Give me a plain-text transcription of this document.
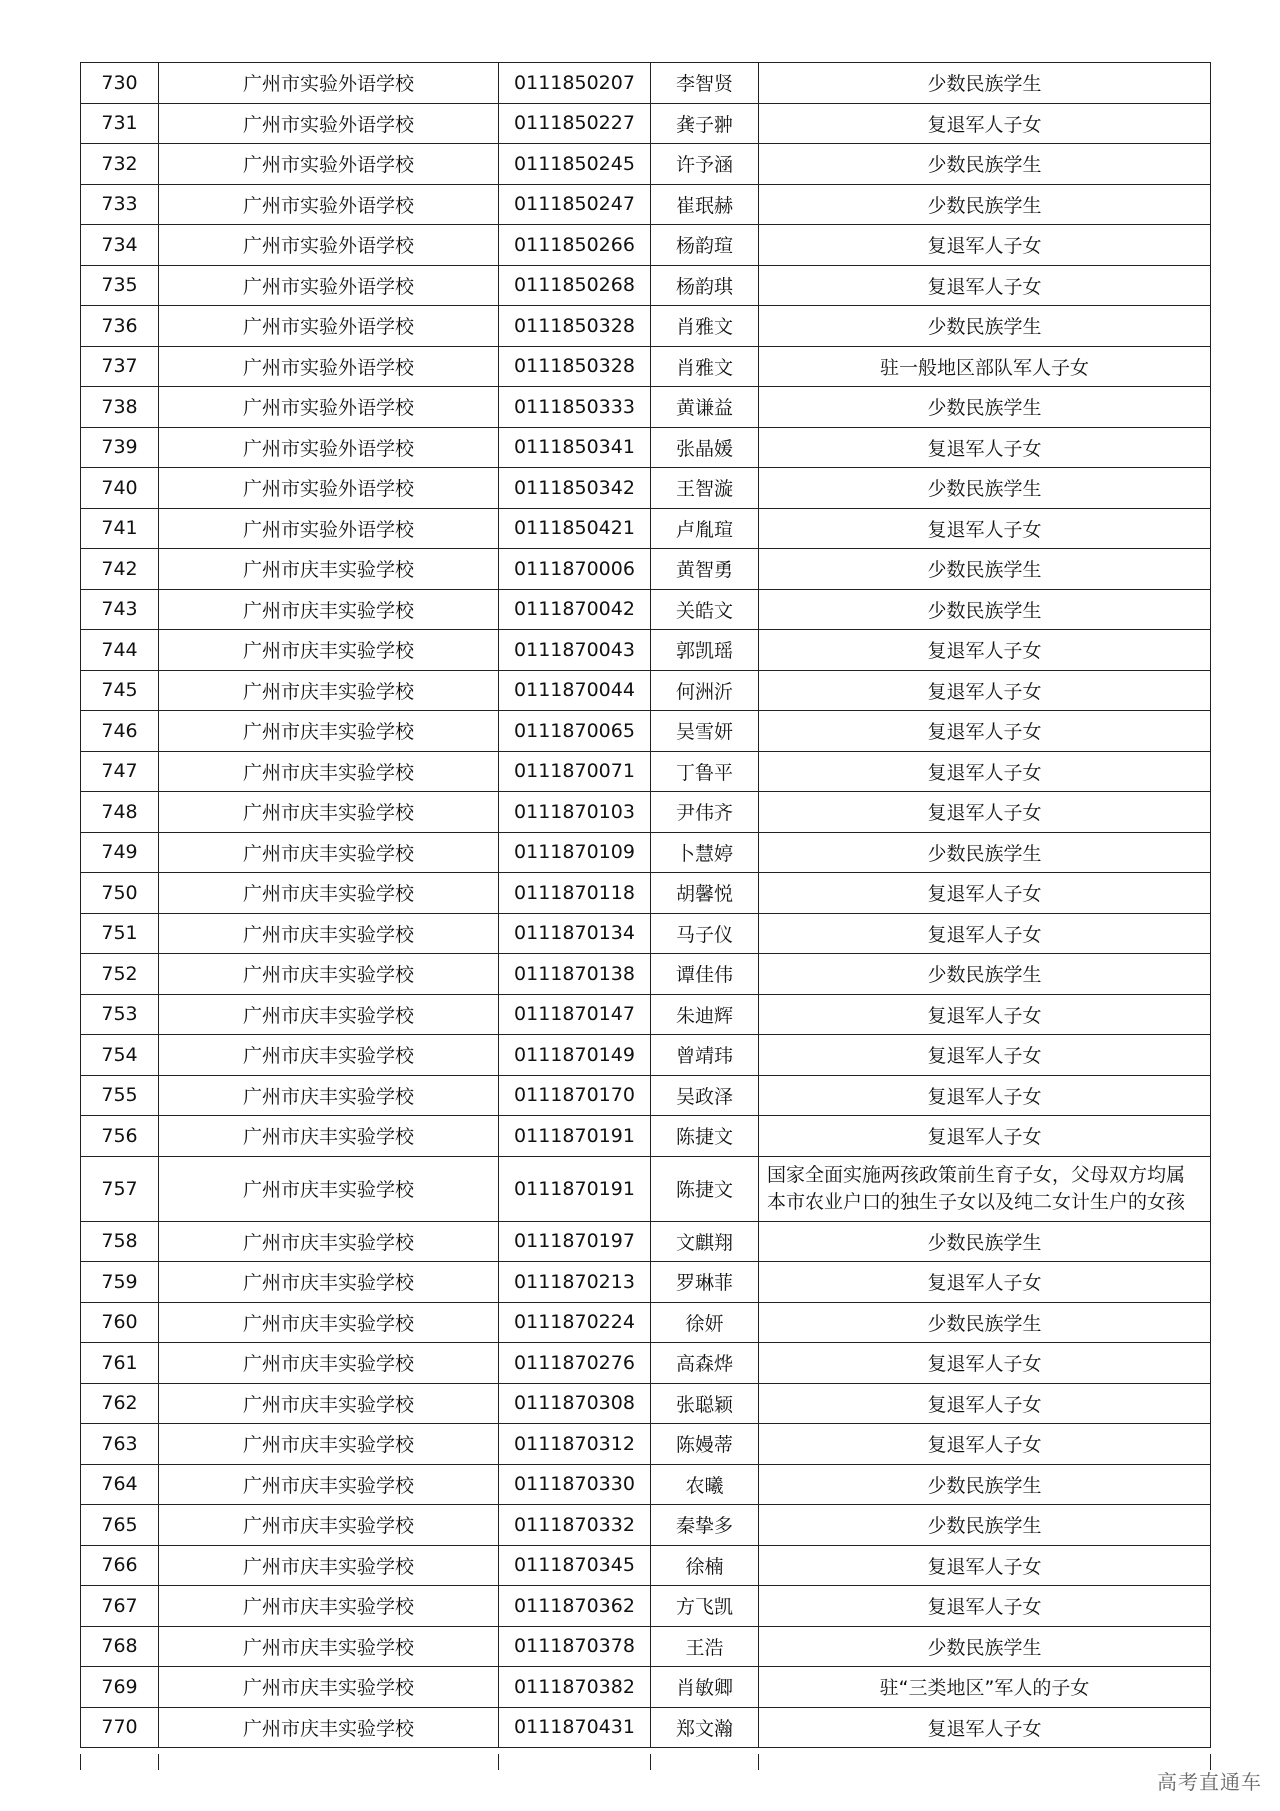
730	广州市实验外语学校	0111850207	李智贤	少数民族学生
731	广州市实验外语学校	0111850227	龚子翀	复退军人子女
732	广州市实验外语学校	0111850245	许予涵	少数民族学生
733	广州市实验外语学校	0111850247	崔珉赫	少数民族学生
734	广州市实验外语学校	0111850266	杨韵瑄	复退军人子女
735	广州市实验外语学校	0111850268	杨韵琪	复退军人子女
736	广州市实验外语学校	0111850328	肖雅文	少数民族学生
737	广州市实验外语学校	0111850328	肖雅文	驻一般地区部队军人子女
738	广州市实验外语学校	0111850333	黄谦益	少数民族学生
739	广州市实验外语学校	0111850341	张晶媛	复退军人子女
740	广州市实验外语学校	0111850342	王智漩	少数民族学生
741	广州市实验外语学校	0111850421	卢胤瑄	复退军人子女
742	广州市庆丰实验学校	0111870006	黄智勇	少数民族学生
743	广州市庆丰实验学校	0111870042	关皓文	少数民族学生
744	广州市庆丰实验学校	0111870043	郭凯瑶	复退军人子女
745	广州市庆丰实验学校	0111870044	何洲沂	复退军人子女
746	广州市庆丰实验学校	0111870065	吴雪妍	复退军人子女
747	广州市庆丰实验学校	0111870071	丁鲁平	复退军人子女
748	广州市庆丰实验学校	0111870103	尹伟齐	复退军人子女
749	广州市庆丰实验学校	0111870109	卜慧婷	少数民族学生
750	广州市庆丰实验学校	0111870118	胡馨悦	复退军人子女
751	广州市庆丰实验学校	0111870134	马子仪	复退军人子女
752	广州市庆丰实验学校	0111870138	谭佳伟	少数民族学生
753	广州市庆丰实验学校	0111870147	朱迪辉	复退军人子女
754	广州市庆丰实验学校	0111870149	曾靖玮	复退军人子女
755	广州市庆丰实验学校	0111870170	吴政泽	复退军人子女
756	广州市庆丰实验学校	0111870191	陈捷文	复退军人子女
757	广州市庆丰实验学校	0111870191	陈捷文	国家全面实施两孩政策前生育子女，父母双方均属本市农业户口的独生子女以及纯二女计生户的女孩
758	广州市庆丰实验学校	0111870197	文麒翔	少数民族学生
759	广州市庆丰实验学校	0111870213	罗琳菲	复退军人子女
760	广州市庆丰实验学校	0111870224	徐妍	少数民族学生
761	广州市庆丰实验学校	0111870276	高森烨	复退军人子女
762	广州市庆丰实验学校	0111870308	张聪颖	复退军人子女
763	广州市庆丰实验学校	0111870312	陈嫚蒂	复退军人子女
764	广州市庆丰实验学校	0111870330	农曦	少数民族学生
765	广州市庆丰实验学校	0111870332	秦挚多	少数民族学生
766	广州市庆丰实验学校	0111870345	徐楠	复退军人子女
767	广州市庆丰实验学校	0111870362	方飞凯	复退军人子女
768	广州市庆丰实验学校	0111870378	王浩	少数民族学生
769	广州市庆丰实验学校	0111870382	肖敏卿	驻“三类地区”军人的子女
770	广州市庆丰实验学校	0111870431	郑文瀚	复退军人子女
高考直通车
